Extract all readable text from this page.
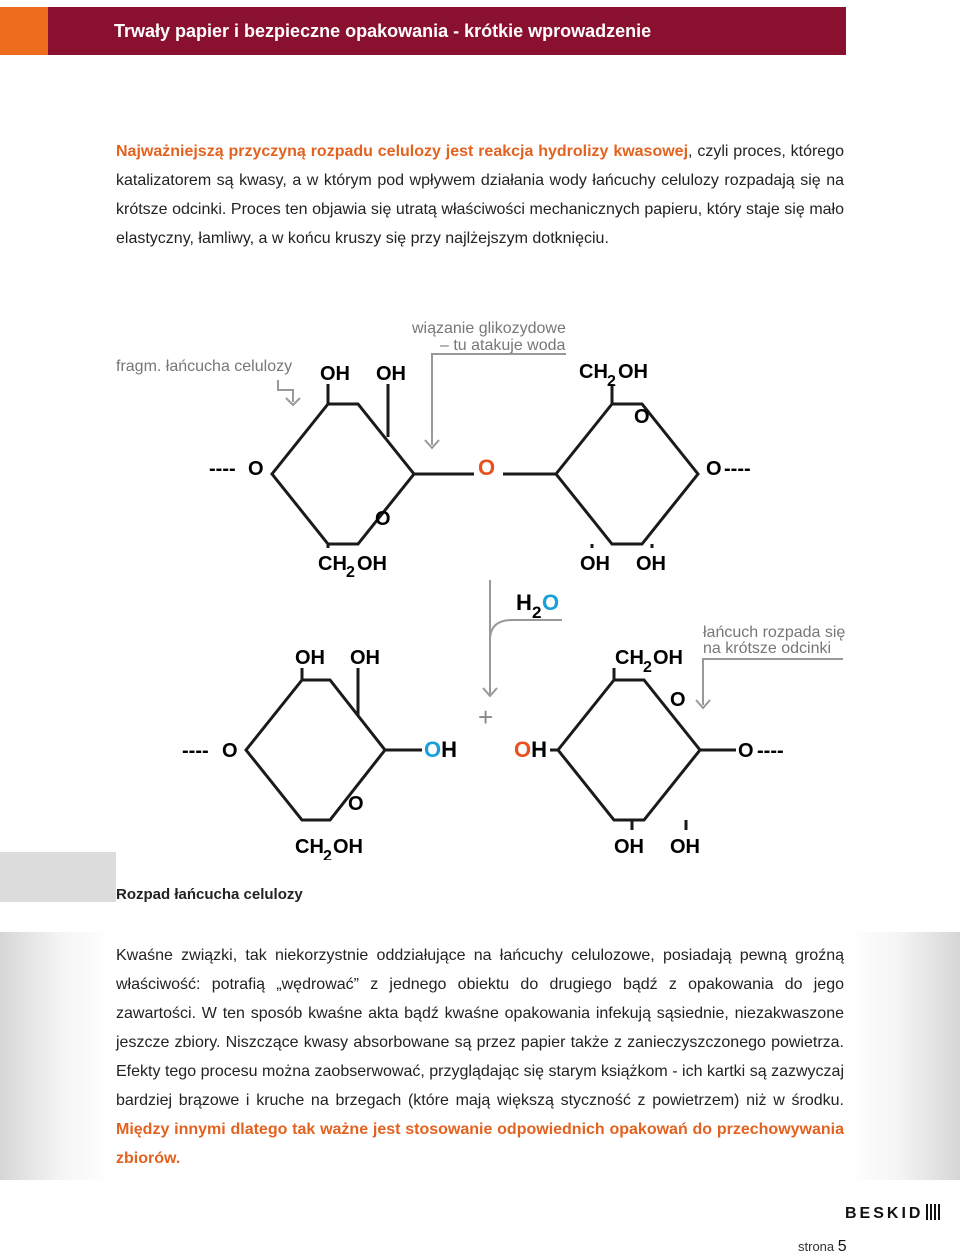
Trwały papier i bezpieczne opakowania - krótkie wprowadzenie

Najważniejszą przyczyną rozpadu celulozy jest reakcja hydrolizy kwasowej, czyli proces, którego katalizatorem są kwasy, a w którym pod wpływem działania wody łańcuchy celulozy rozpadają się na krótsze odcinki. Proces ten objawia się utratą właściwości mechanicznych papieru, który staje się mało elastyczny, łamliwy, a w końcu kruszy się przy najlżejszym dotknięciu.

fragm. łańcucha celulozy
wiązanie glikozydowe
– tu atakuje woda
łańcuch rozpada się
na krótsze odcinki
OH OH
---- O
O
CH 2 OH
O
CH 2 OH
O
O ----
OH OH
H 2 O
OH OH
---- O	OH
O
CH 2 OH
+
CH 2 OH
O
OH	O ----
OH OH
Rozpad łańcucha celulozy

Kwaśne związki, tak niekorzystnie oddziałujące na łańcuchy celulozowe, posiadają pewną groźną właściwość: potrafią „wędrować” z jednego obiektu do drugiego bądź z opakowania do jego zawartości. W ten sposób kwaśne akta bądź kwaśne opakowania infekują sąsiednie, niezakwaszone jeszcze zbiory. Niszczące kwasy absorbowane są przez papier także z zanieczyszczonego powietrza. Efekty tego procesu można zaobserwować, przyglądając się starym książkom - ich kartki są zazwyczaj bardziej brązowe i kruche na brzegach (które mają większą styczność z powietrzem) niż w środku. Między innymi dlatego tak ważne jest stosowanie odpowiednich opakowań do przechowywania zbiorów.

BESKID
strona 5
